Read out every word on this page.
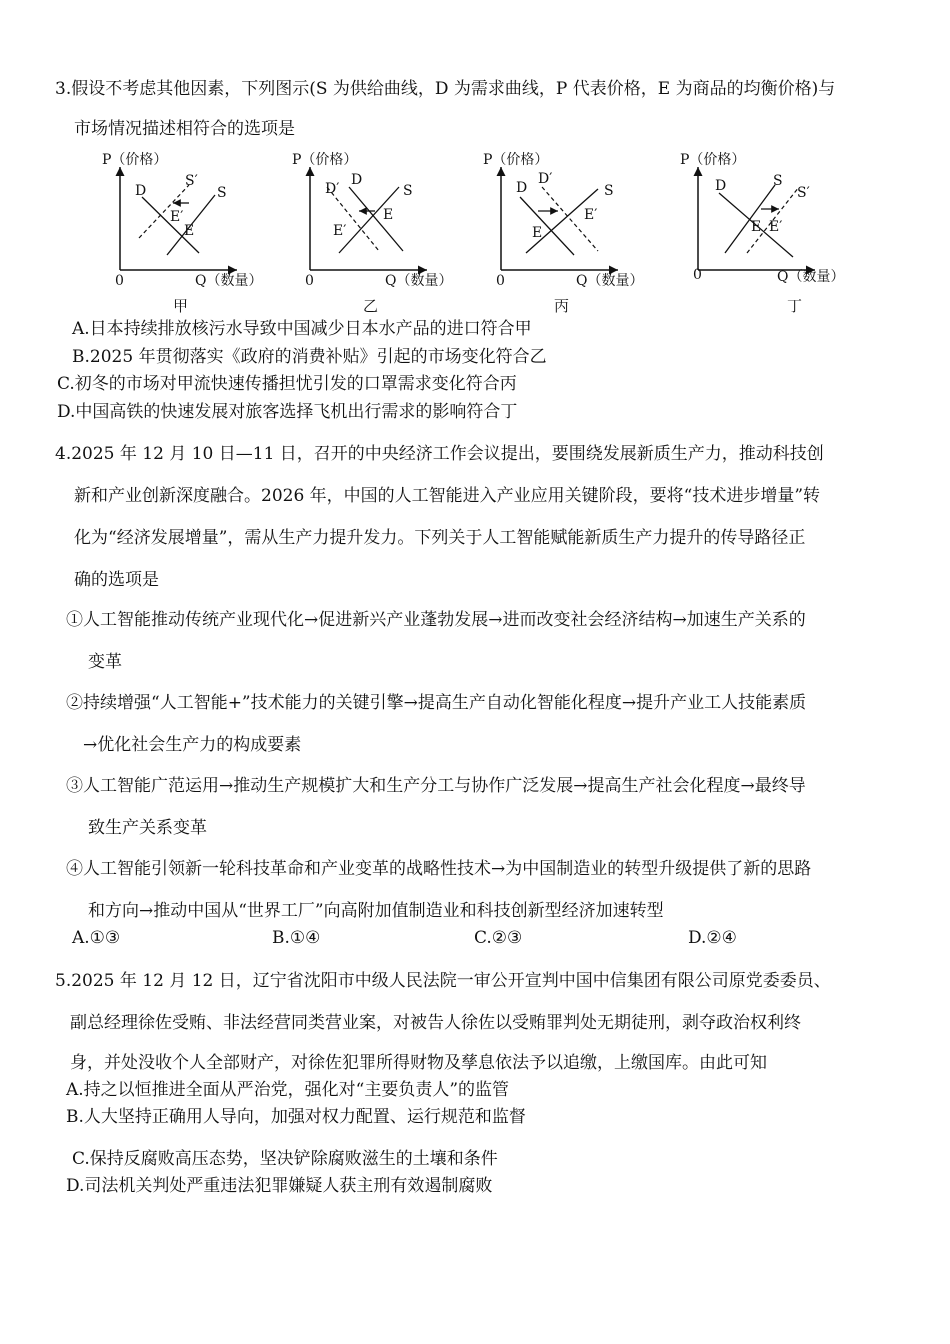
3.假设不考虑其他因素，下列图示(S 为供给曲线，D 为需求曲线，P 代表价格，E 为商品的均衡价格)与
市场情况描述相符合的选项是
P（价格）
D
S′
S
E′
E
0	Q（数量）
甲
P（价格）
D′
D
S
E
E′
0	Q（数量）
乙
P（价格）
D
D′
S
E′
E
0	Q（数量）
丙
P（价格）
D	S
S′
E E′
0	Q（数量）
丁
A.日本持续排放核污水导致中国减少日本水产品的进口符合甲
B.2025 年贯彻落实《政府的消费补贴》引起的市场变化符合乙
C.初冬的市场对甲流快速传播担忧引发的口罩需求变化符合丙
D.中国高铁的快速发展对旅客选择飞机出行需求的影响符合丁
4.2025 年 12 月 10 日—11 日，召开的中央经济工作会议提出，要围绕发展新质生产力，推动科技创
新和产业创新深度融合。2026 年，中国的人工智能进入产业应用关键阶段，要将“技术进步增量”转
化为“经济发展增量”，需从生产力提升发力。下列关于人工智能赋能新质生产力提升的传导路径正
确的选项是
①人工智能推动传统产业现代化→促进新兴产业蓬勃发展→进而改变社会经济结构→加速生产关系的
变革
②持续增强“人工智能+”技术能力的关键引擎→提高生产自动化智能化程度→提升产业工人技能素质
→优化社会生产力的构成要素
③人工智能广范运用→推动生产规模扩大和生产分工与协作广泛发展→提高生产社会化程度→最终导
致生产关系变革
④人工智能引领新一轮科技革命和产业变革的战略性技术→为中国制造业的转型升级提供了新的思路
和方向→推动中国从“世界工厂”向高附加值制造业和科技创新型经济加速转型
A.①③	B.①④	C.②③	D.②④
5.2025 年 12 月 12 日，辽宁省沈阳市中级人民法院一审公开宣判中国中信集团有限公司原党委委员、
副总经理徐佐受贿、非法经营同类营业案，对被告人徐佐以受贿罪判处无期徒刑，剥夺政治权利终
身，并处没收个人全部财产，对徐佐犯罪所得财物及孳息依法予以追缴，上缴国库。由此可知
A.持之以恒推进全面从严治党，强化对“主要负责人”的监管
B.人大坚持正确用人导向，加强对权力配置、运行规范和监督
C.保持反腐败高压态势，坚决铲除腐败滋生的土壤和条件
D.司法机关判处严重违法犯罪嫌疑人获主刑有效遏制腐败
